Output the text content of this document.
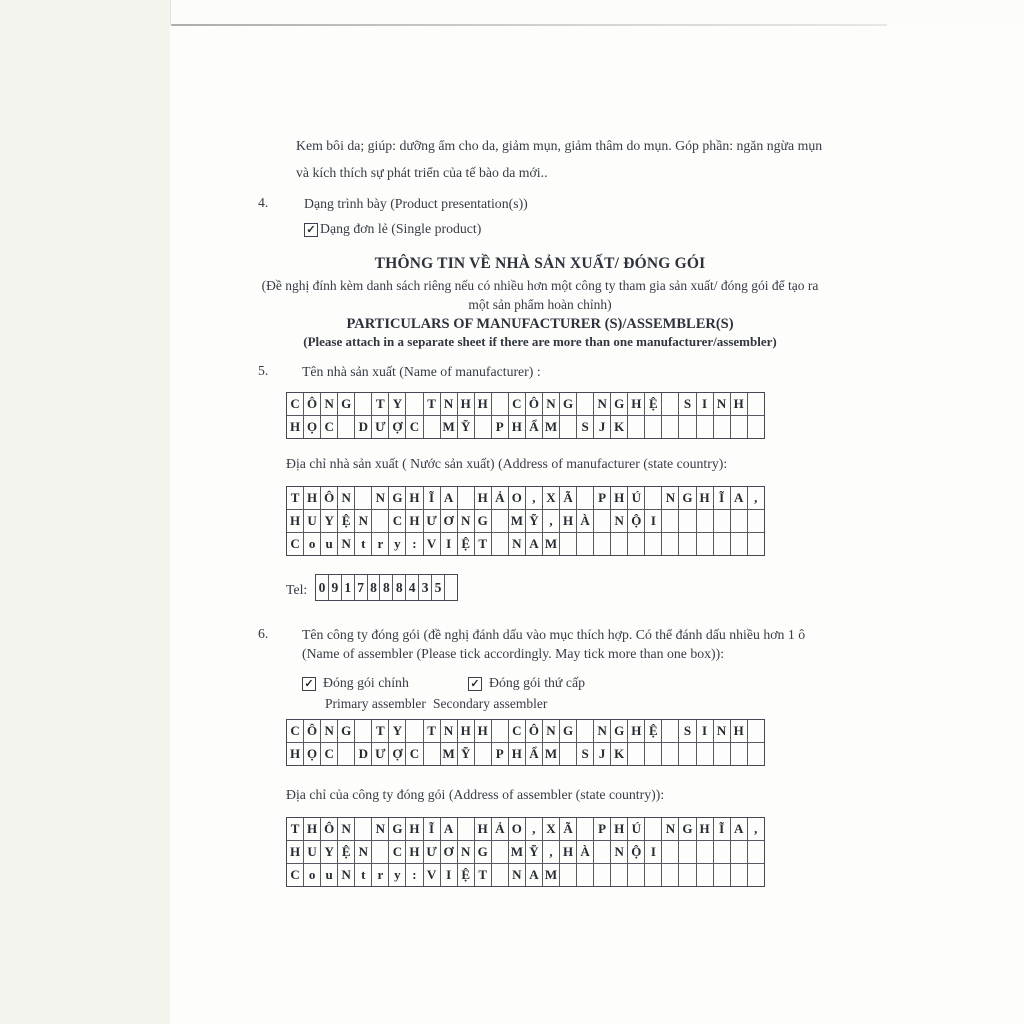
Kem bôi da; giúp: dưỡng ẩm cho da, giảm mụn, giảm thâm do mụn. Góp phần: ngăn ngừa mụn
và kích thích sự phát triển của tế bào da mới..
4.	Dạng trình bày (Product presentation(s))
✓ Dạng đơn lẻ (Single product)
THÔNG TIN VỀ NHÀ SẢN XUẤT/ ĐÓNG GÓI
(Đề nghị đính kèm danh sách riêng nếu có nhiều hơn một công ty tham gia sản xuất/ đóng gói để tạo ra
một sản phẩm hoàn chỉnh)
PARTICULARS OF MANUFACTURER (S)/ASSEMBLER(S)
(Please attach in a separate sheet if there are more than one manufacturer/assembler)
5. Tên nhà sản xuất (Name of manufacturer) :
C Ô N G	T Y	T N H H	C Ô N G	N G H Ệ	S I N H
H Ọ C	D Ư Ợ C	M Ỹ	P H Ẩ M	S J K
Địa chỉ nhà sản xuất ( Nước sản xuất) (Address of manufacturer (state country):
T H Ô N	N G H Ĩ A	H Ả O , X Ã	P H Ú	N G H Ĩ A ,
H U Y Ệ N	C H Ư Ơ N G	M Ỹ , H À	N Ộ I
C o u N t r y : V I Ệ T	N A M
Tel: 0 9 1 7 8 8 8 4 3 5
6. Tên công ty đóng gói (đề nghị đánh dấu vào mục thích hợp. Có thể đánh dấu nhiều hơn 1 ô
(Name of assembler (Please tick accordingly. May tick more than one box)):
✓ Đóng gói chính	✓ Đóng gói thứ cấp
Primary assembler Secondary assembler
C Ô N G	T Y	T N H H	C Ô N G	N G H Ệ	S I N H
H Ọ C	D Ư Ợ C	M Ỹ	P H Ẩ M	S J K
Địa chỉ của công ty đóng gói (Address of assembler (state country)):
T H Ô N	N G H Ĩ A	H Ả O , X Ã	P H Ú	N G H Ĩ A ,
H U Y Ệ N	C H Ư Ơ N G	M Ỹ , H À	N Ộ I
C o u N t r y : V I Ệ T	N A M
